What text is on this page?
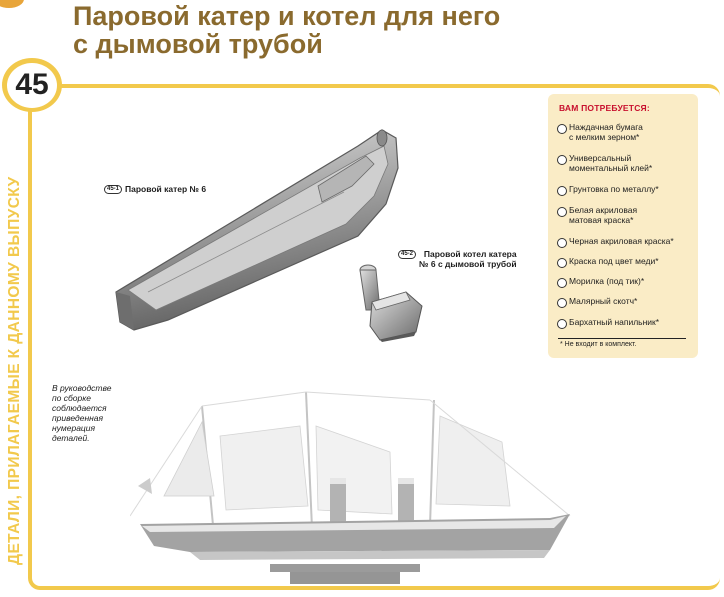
Паровой катер и котел для него
с дымовой трубой
45
ДЕТАЛИ, ПРИЛАГАЕМЫЕ К ДАННОМУ ВЫПУСКУ	45-1 Паровой катер № 6
45-2	Паровой котел катера
№ 6 с дымовой трубой
В руководстве
по сборке
соблюдается
приведенная
нумерация
деталей.
ВАМ ПОТРЕБУЕТСЯ:
Наждачная бумага
с мелким зерном*
Универсальный
моментальный клей*
Грунтовка по металлу*
Белая акриловая
матовая краска*
Черная акриловая краска*
Краска под цвет меди*
Морилка (под тик)*
Малярный скотч*
Бархатный напильник*
* Не входит в комплект.
